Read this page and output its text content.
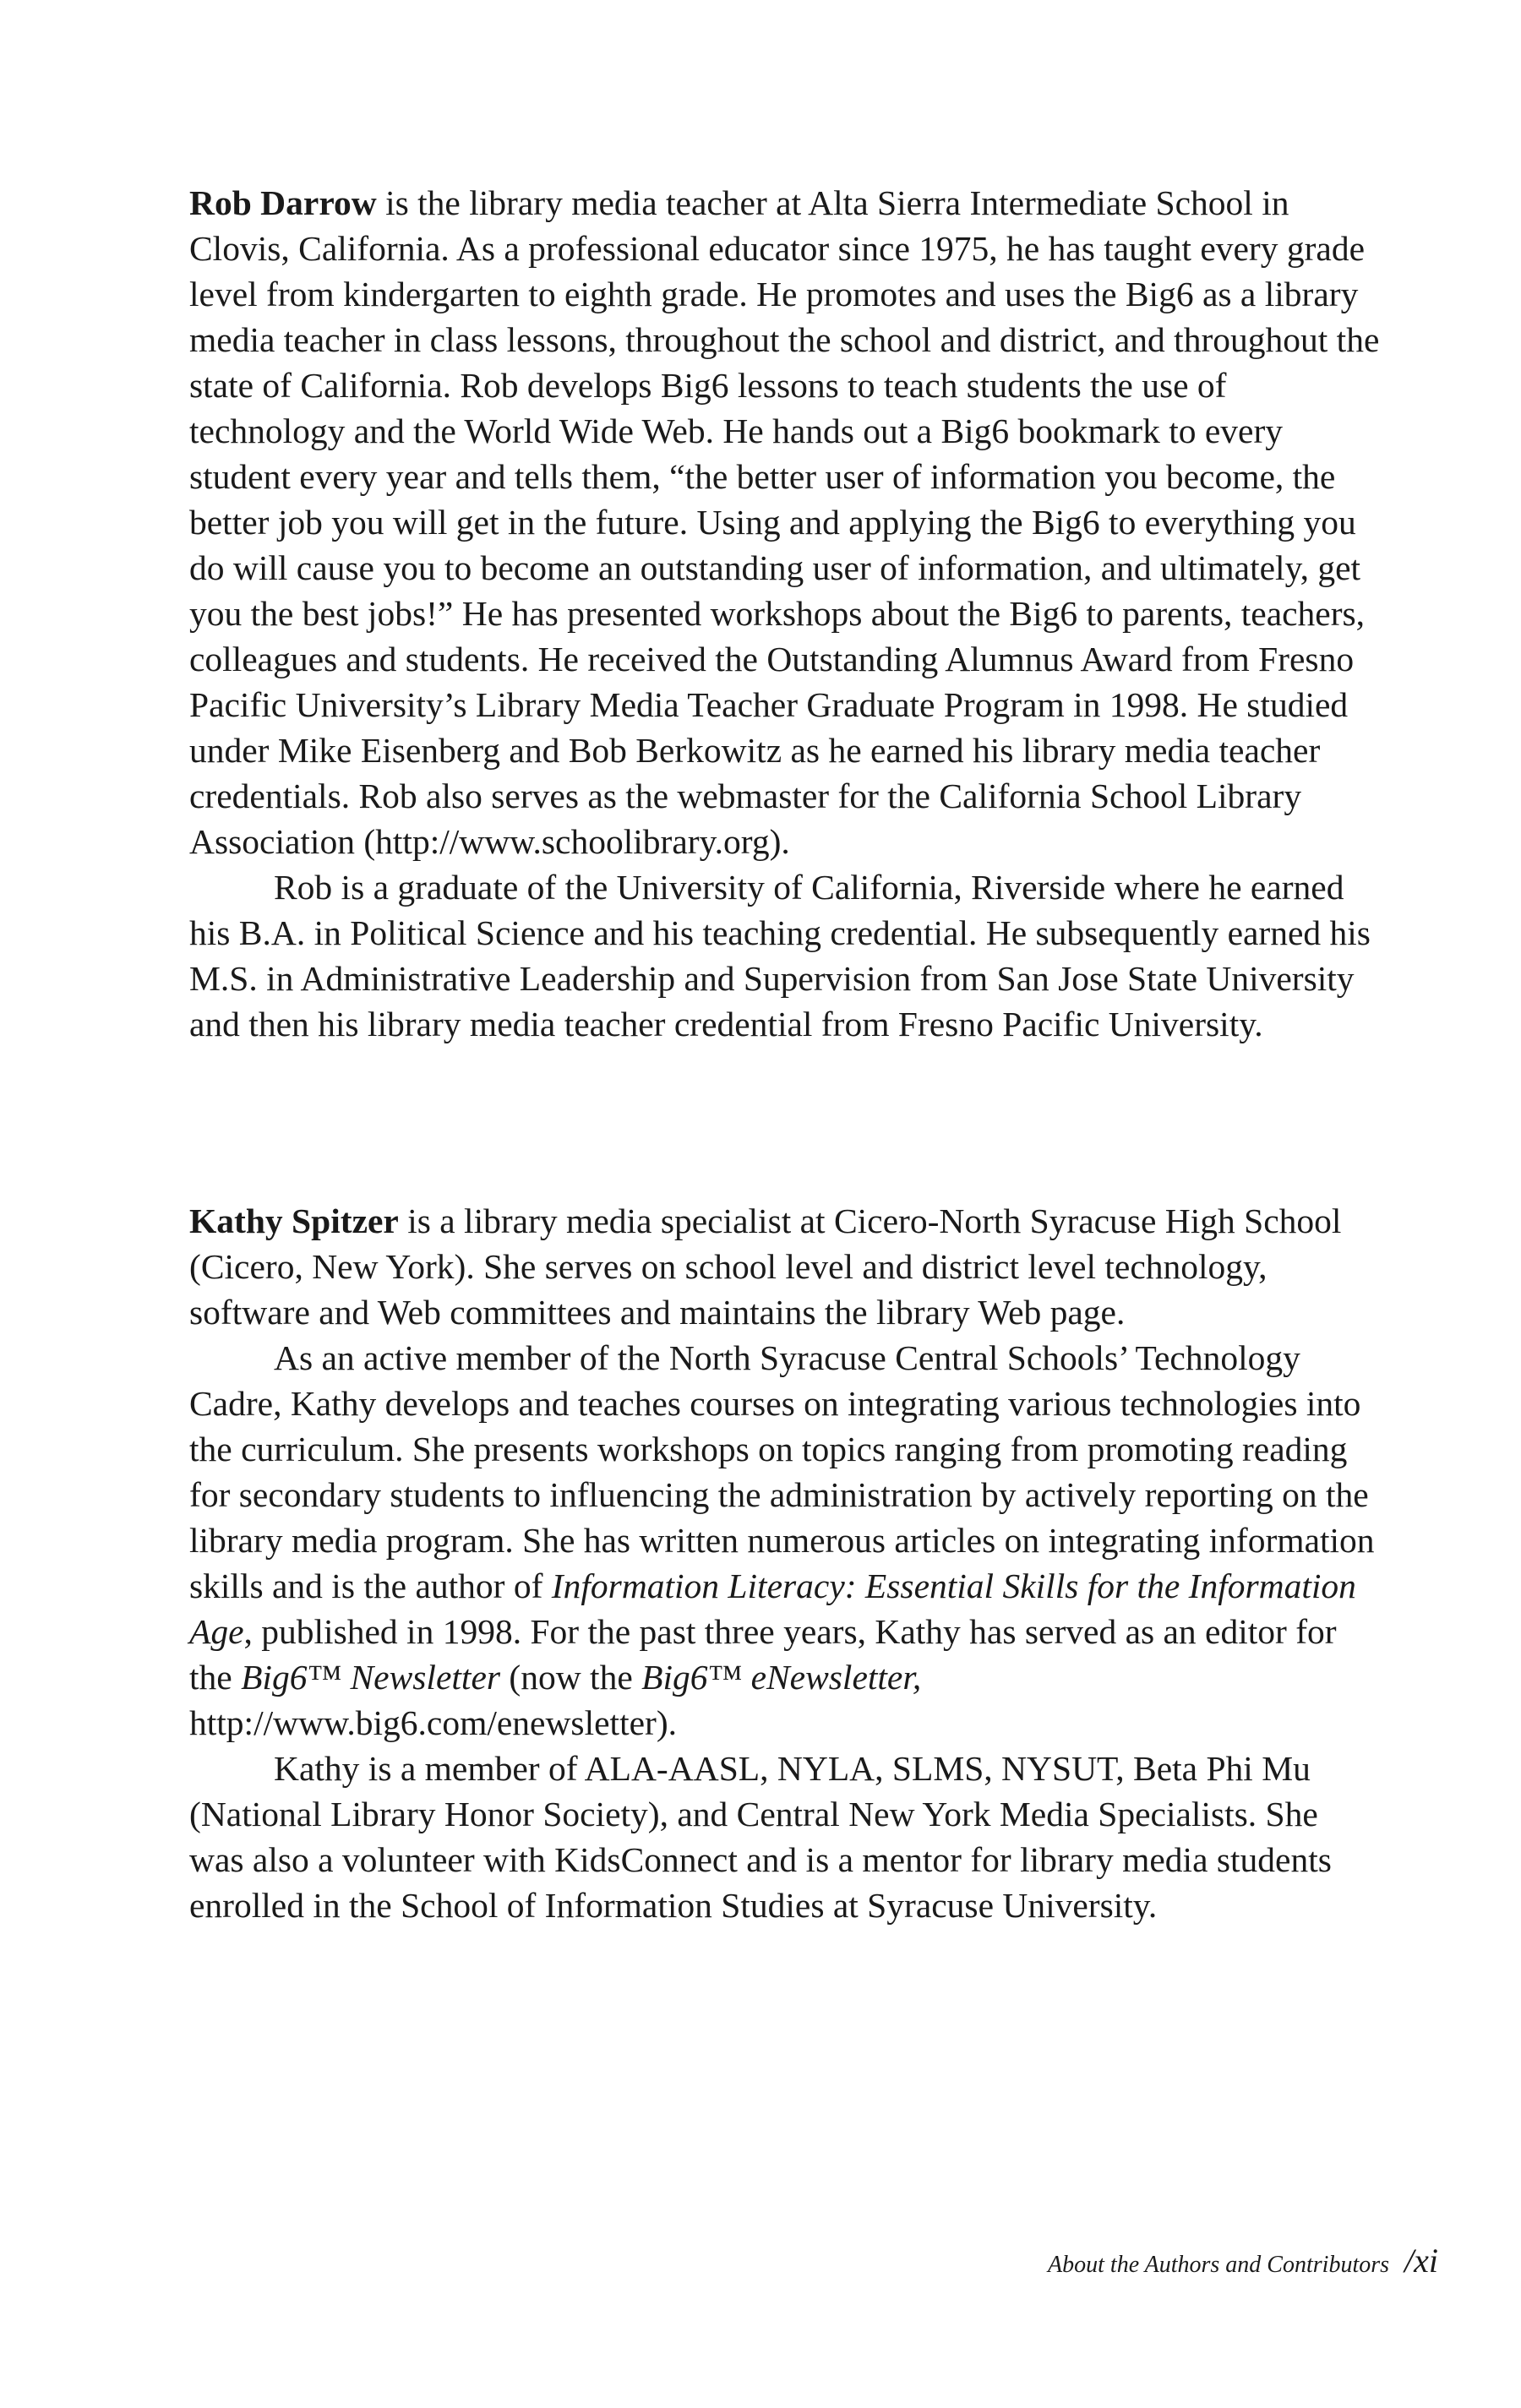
Rob Darrow is the library media teacher at Alta Sierra Intermediate School in Clovis, California. As a professional educator since 1975, he has taught every grade level from kindergarten to eighth grade. He promotes and uses the Big6 as a library media teacher in class lessons, throughout the school and district, and throughout the state of California. Rob develops Big6 lessons to teach students the use of technology and the World Wide Web. He hands out a Big6 bookmark to every student every year and tells them, “the better user of information you become, the better job you will get in the future. Using and applying the Big6 to everything you do will cause you to become an outstanding user of information, and ultimately, get you the best jobs!” He has presented workshops about the Big6 to parents, teachers, colleagues and students. He received the Outstanding Alumnus Award from Fresno Pacific University’s Library Media Teacher Graduate Program in 1998. He studied under Mike Eisenberg and Bob Berkowitz as he earned his library media teacher credentials. Rob also serves as the webmaster for the California School Library Association (http://www.schoolibrary.org).

Rob is a graduate of the University of California, Riverside where he earned his B.A. in Political Science and his teaching credential. He subsequently earned his M.S. in Administrative Leadership and Supervision from San Jose State University and then his library media teacher credential from Fresno Pacific University.

Kathy Spitzer is a library media specialist at Cicero-North Syracuse High School (Cicero, New York). She serves on school level and district level technology, software and Web committees and maintains the library Web page.

As an active member of the North Syracuse Central Schools’ Technology Cadre, Kathy develops and teaches courses on integrating various technologies into the curriculum. She presents workshops on topics ranging from promoting reading for secondary students to influencing the administration by actively reporting on the library media program. She has written numerous articles on integrating information skills and is the author of Information Literacy: Essential Skills for the Information Age, published in 1998. For the past three years, Kathy has served as an editor for the Big6™ Newsletter (now the Big6™ eNewsletter, http://www.big6.com/enewsletter).

Kathy is a member of ALA-AASL, NYLA, SLMS, NYSUT, Beta Phi Mu (National Library Honor Society), and Central New York Media Specialists. She was also a volunteer with KidsConnect and is a mentor for library media students enrolled in the School of Information Studies at Syracuse University.

About the Authors and Contributors /xi
